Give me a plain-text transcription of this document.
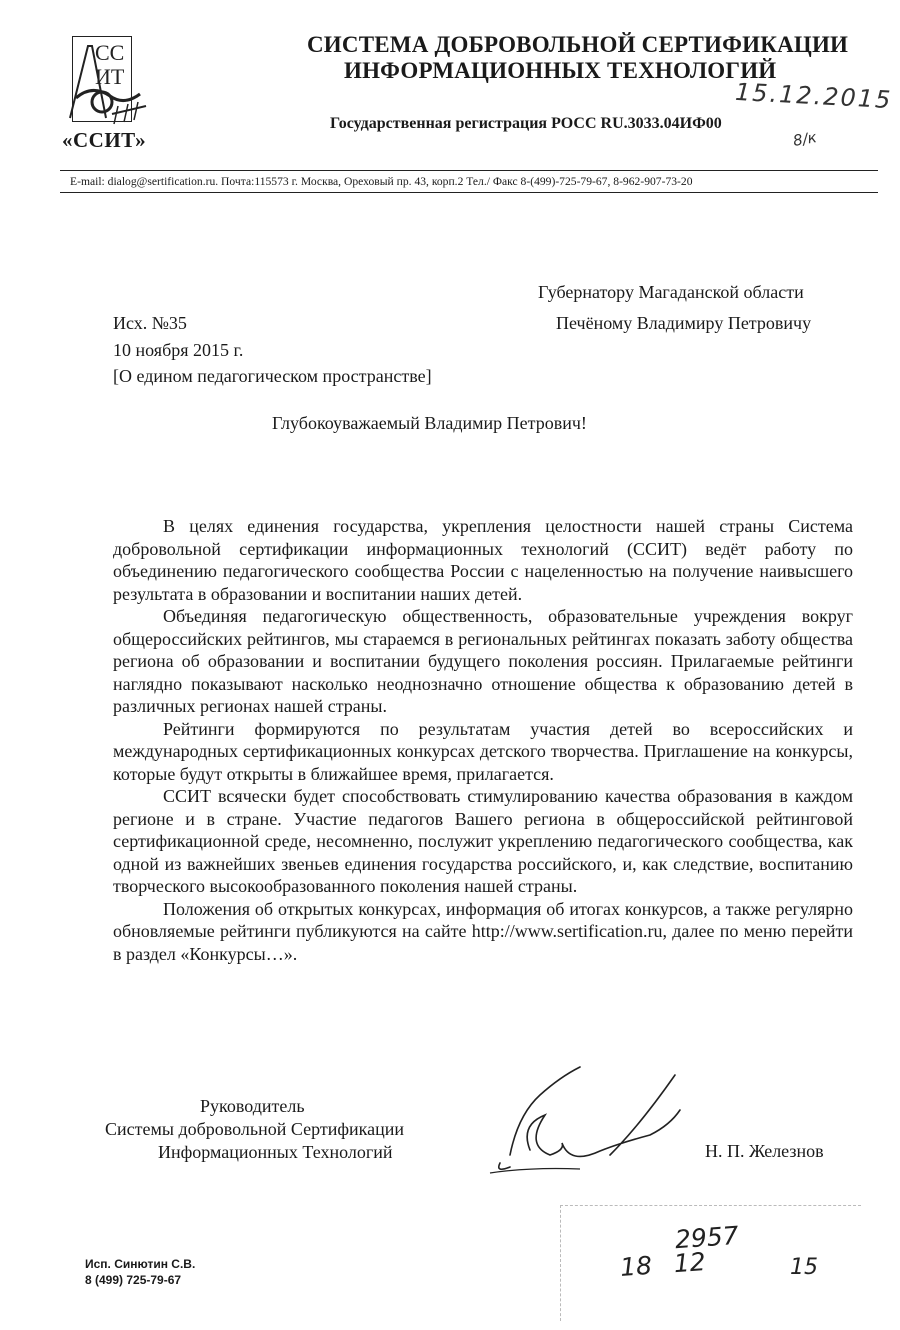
СС
ИТ
«ССИТ»
СИСТЕМА ДОБРОВОЛЬНОЙ СЕРТИФИКАЦИИ
ИНФОРМАЦИОННЫХ ТЕХНОЛОГИЙ
Государственная регистрация РОСС RU.3033.04ИФ00
15.12.2015
8/к
E-mail: dialog@sertification.ru. Почта:115573 г. Москва, Ореховый пр. 43, корп.2 Тел./ Факс 8-(499)-725-79-67, 8-962-907-73-20
Губернатору Магаданской области
Печёному Владимиру Петровичу
Исх. №35
10 ноября 2015 г.
[О едином педагогическом пространстве]
Глубокоуважаемый Владимир Петрович!

В целях единения государства, укрепления целостности нашей страны Система добровольной сертификации информационных технологий (ССИТ) ведёт работу по объединению педагогического сообщества России с нацеленностью на получение наивысшего результата в образовании и воспитании наших детей.

Объединяя педагогическую общественность, образовательные учреждения вокруг общероссийских рейтингов, мы стараемся в региональных рейтингах показать заботу общества региона об образовании и воспитании будущего поколения россиян. Прилагаемые рейтинги наглядно показывают насколько неоднозначно отношение общества к образованию детей в различных регионах нашей страны.

Рейтинги формируются по результатам участия детей во всероссийских и международных сертификационных конкурсах детского творчества. Приглашение на конкурсы, которые будут открыты в ближайшее время, прилагается.

ССИТ всячески будет способствовать стимулированию качества образования в каждом регионе и в стране. Участие педагогов Вашего региона в общероссийской рейтинговой сертификационной среде, несомненно, послужит укреплению педагогического сообщества, как одной из важнейших звеньев единения государства российского, и, как следствие, воспитанию творческого высокообразованного поколения нашей страны.

Положения об открытых конкурсах, информация об итогах конкурсов, а также регулярно обновляемые рейтинги публикуются на сайте http://www.sertification.ru, далее по меню перейти в раздел «Конкурсы…».

Руководитель
Системы добровольной Сертификации
Информационных Технологий	Н. П. Железнов
Исп. Синютин С.В.
8 (499) 725-79-67
2957
18 12	15
